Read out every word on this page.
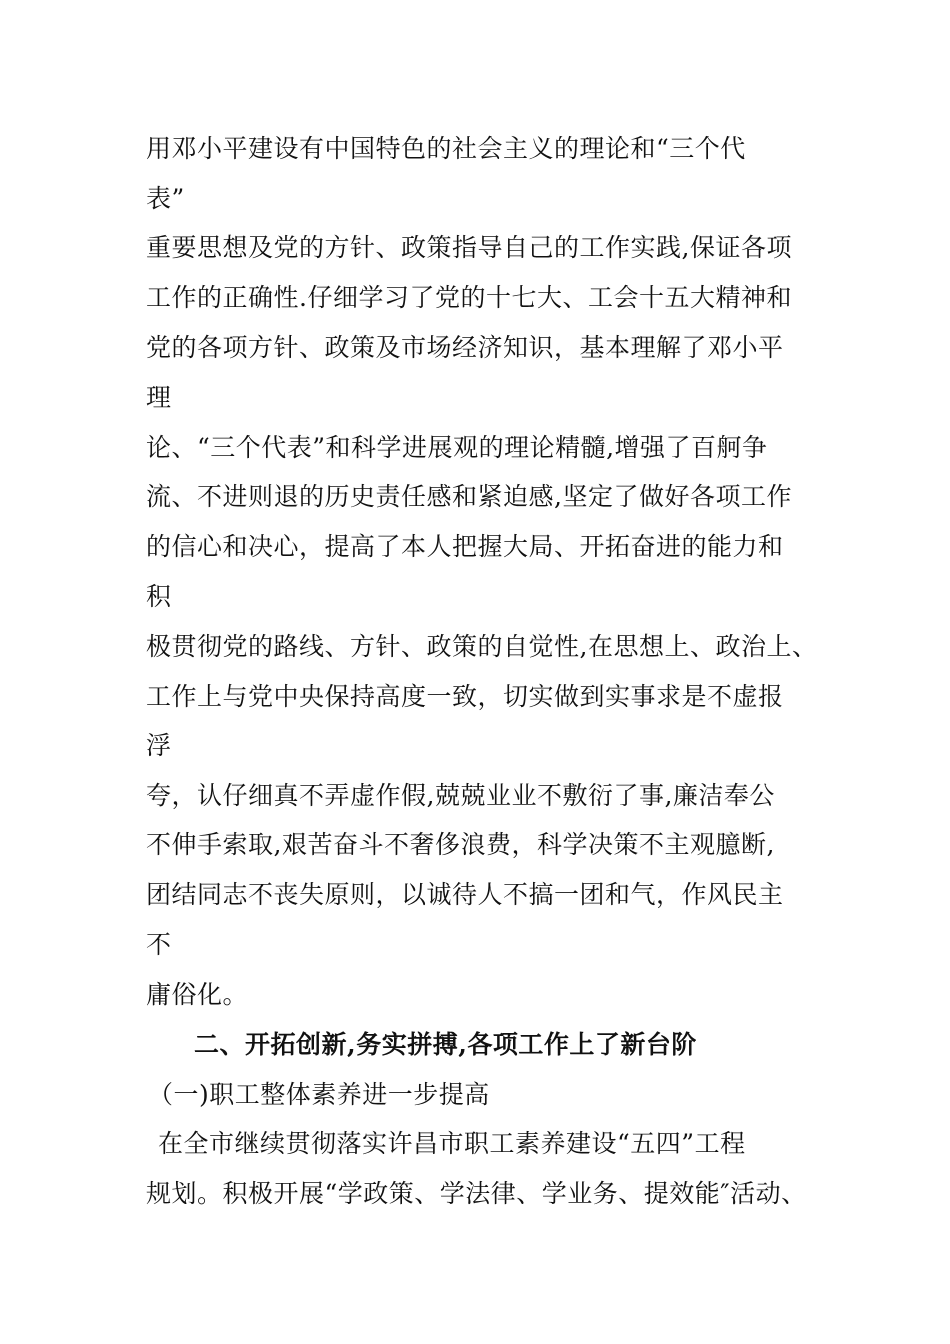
用邓小平建设有中国特色的社会主义的理论和“三个代
表”
重要思想及党的方针、政策指导自己的工作实践,保证各项
工作的正确性.仔细学习了党的十七大、工会十五大精神和
党的各项方针、政策及市场经济知识，基本理解了邓小平
理
论、“三个代表”和科学进展观的理论精髓,增强了百舸争
流、不进则退的历史责任感和紧迫感,坚定了做好各项工作
的信心和决心，提高了本人把握大局、开拓奋进的能力和
积
极贯彻党的路线、方针、政策的自觉性,在思想上、政治上、
工作上与党中央保持高度一致，切实做到实事求是不虚报
浮
夸，认仔细真不弄虚作假,兢兢业业不敷衍了事,廉洁奉公
不伸手索取,艰苦奋斗不奢侈浪费，科学决策不主观臆断,
团结同志不丧失原则，以诚待人不搞一团和气，作风民主
不
庸俗化。
二、开拓创新,务实拼搏,各项工作上了新台阶
（一)职工整体素养进一步提高
在全市继续贯彻落实许昌市职工素养建设“五四”工程
规划。积极开展“学政策、学法律、学业务、提效能″活动、
